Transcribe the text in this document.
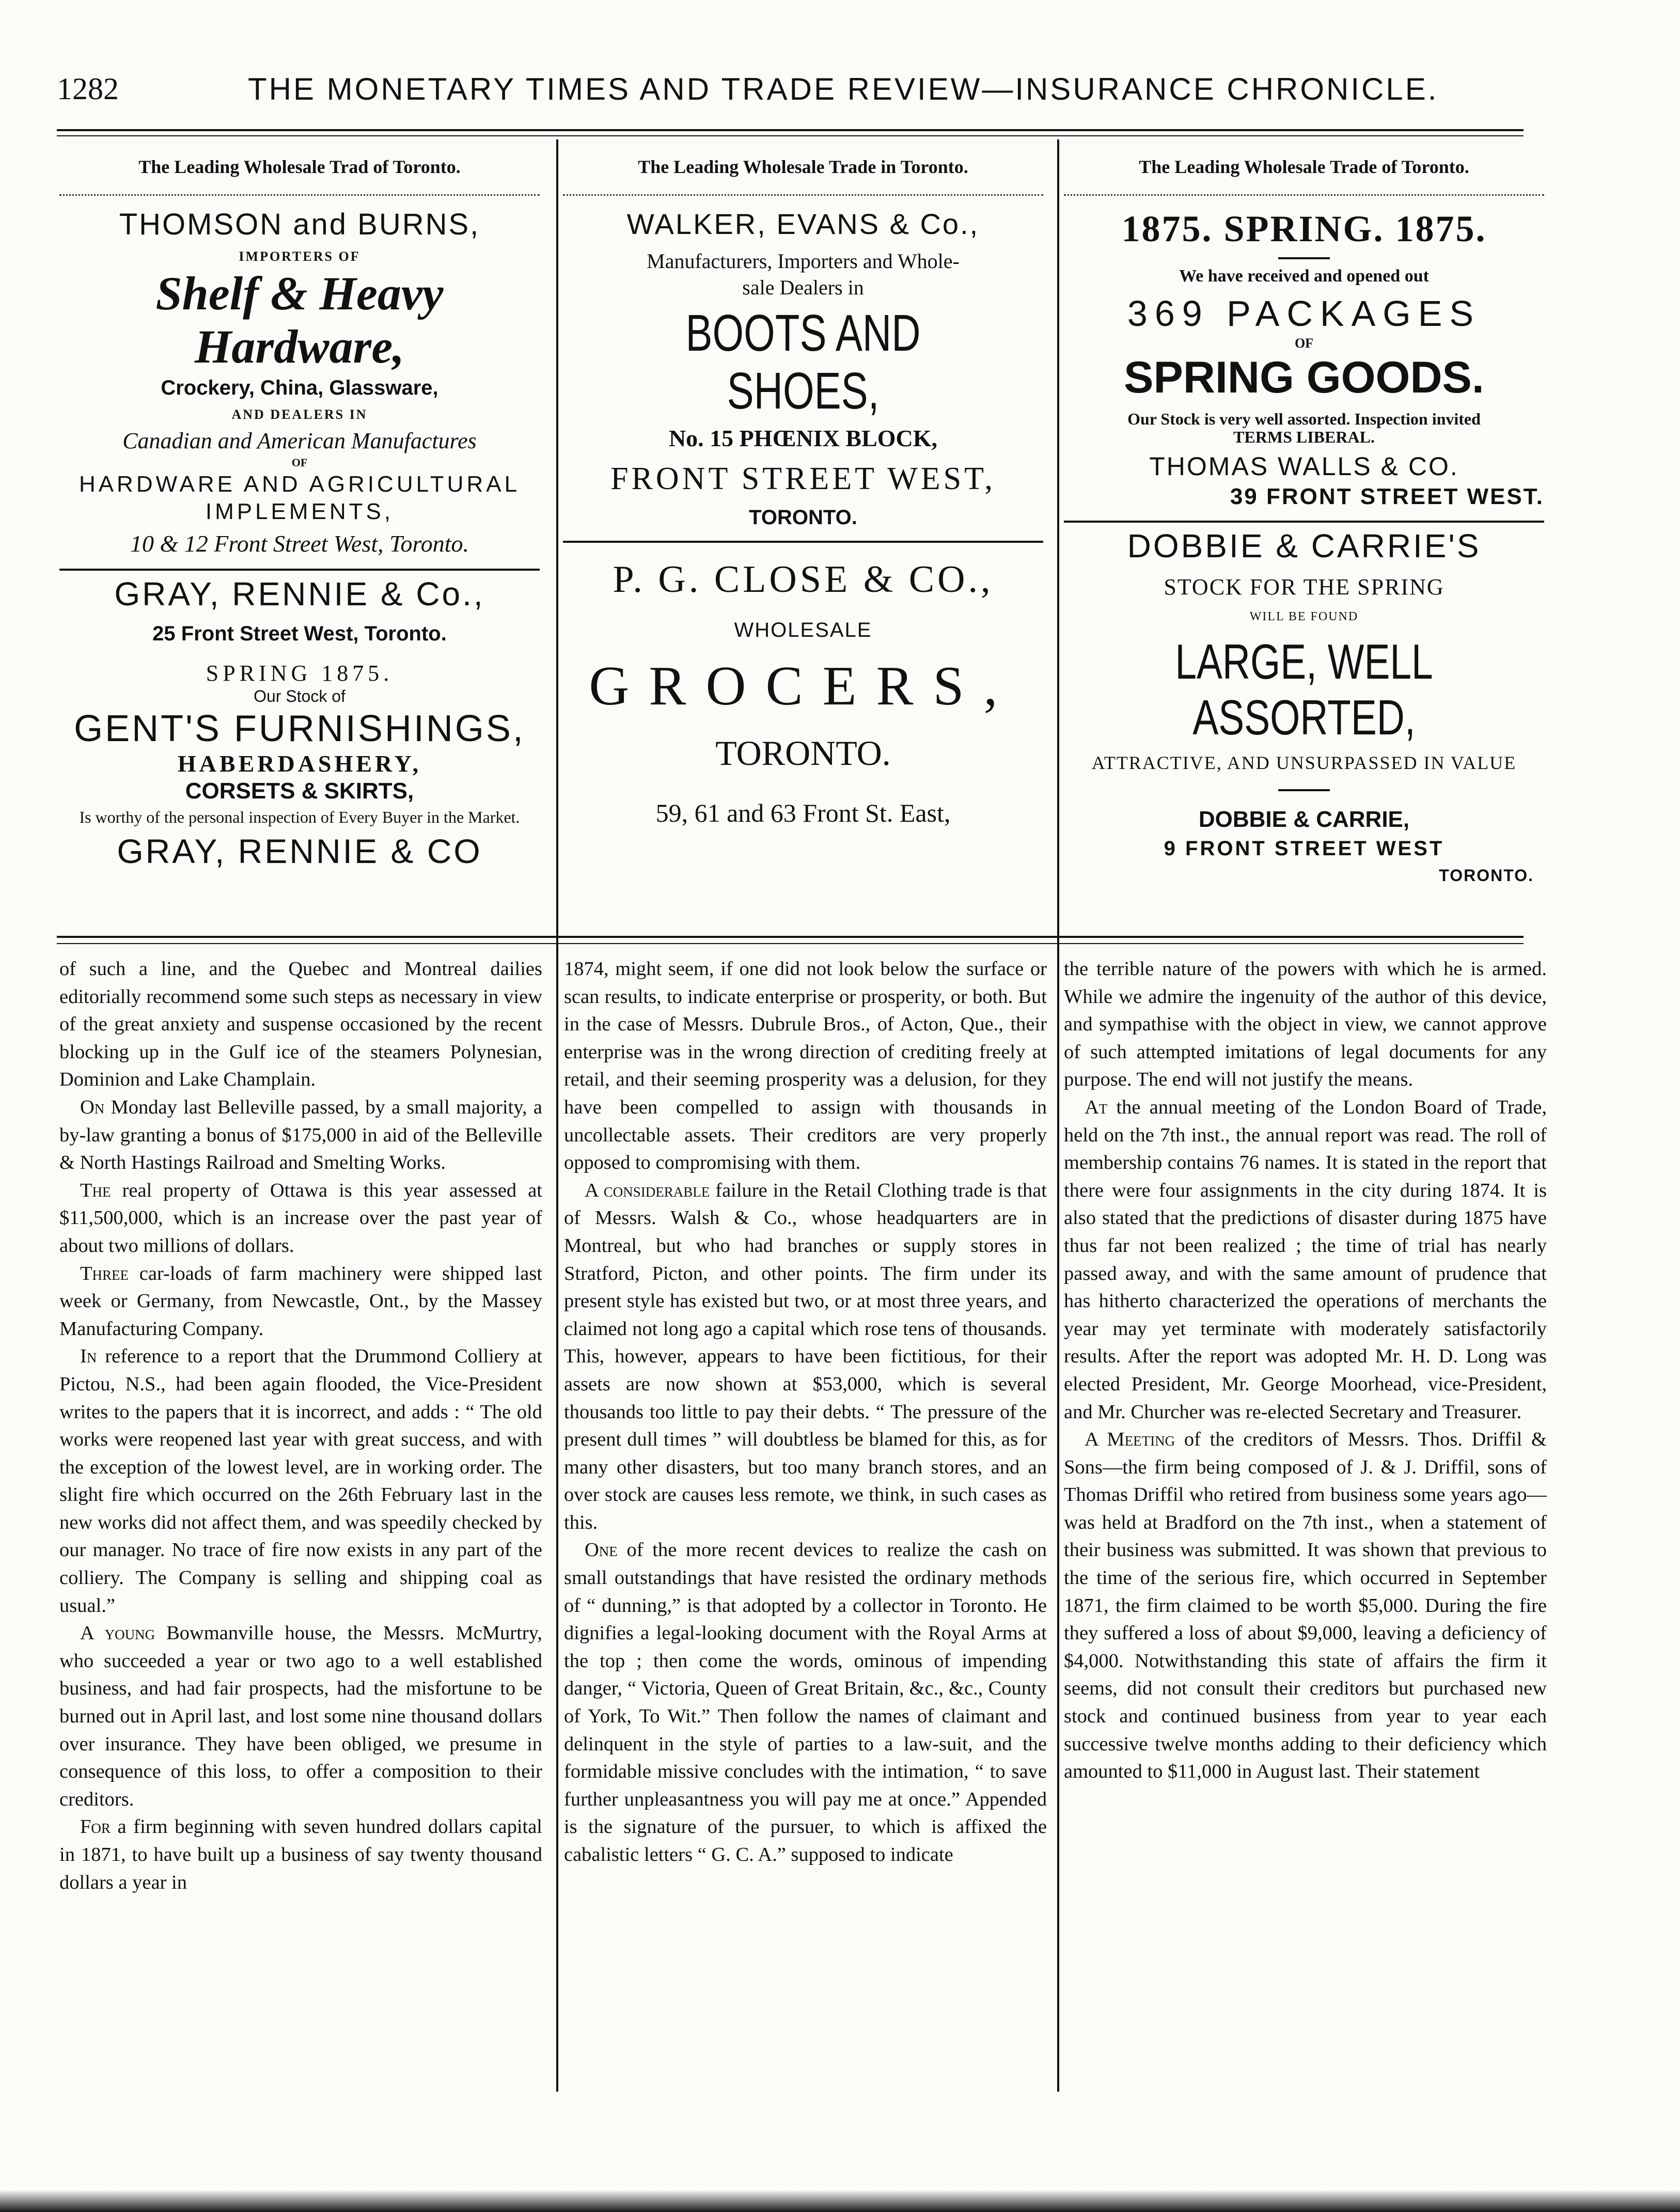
1282	THE MONETARY TIMES AND TRADE REVIEW—INSURANCE CHRONICLE.
The Leading Wholesale Trad of Toronto.
THOMSON and BURNS,
IMPORTERS OF
Shelf & Heavy Hardware,
Crockery, China, Glassware,
AND DEALERS IN
Canadian and American Manufactures
OF
HARDWARE AND AGRICULTURAL
IMPLEMENTS,
10 & 12 Front Street West, Toronto.
GRAY, RENNIE & Co.,
25 Front Street West, Toronto.
SPRING 1875.
Our Stock of
GENT'S FURNISHINGS,
HABERDASHERY,
CORSETS & SKIRTS,
Is worthy of the personal inspection of Every Buyer in the Market.
GRAY, RENNIE & CO
The Leading Wholesale Trade in Toronto.
WALKER, EVANS & Co.,
Manufacturers, Importers and Whole-
sale Dealers in
BOOTS AND SHOES,
No. 15 PHŒNIX BLOCK,
FRONT STREET WEST,
TORONTO.
P. G. CLOSE & CO.,
WHOLESALE
GROCERS,
TORONTO.
59, 61 and 63 Front St. East,
The Leading Wholesale Trade of Toronto.
1875. SPRING. 1875.
We have received and opened out
369 PACKAGES
OF
SPRING GOODS.
Our Stock is very well assorted. Inspection invited
TERMS LIBERAL.
THOMAS WALLS & CO.
39 FRONT STREET WEST.
DOBBIE & CARRIE'S
STOCK FOR THE SPRING
WILL BE FOUND
LARGE, WELL ASSORTED,
ATTRACTIVE, AND UNSURPASSED IN VALUE
DOBBIE & CARRIE,
9 FRONT STREET WEST
TORONTO.

of such a line, and the Quebec and Montreal dailies editorially recommend some such steps as necessary in view of the great anxiety and suspense occasioned by the recent blocking up in the Gulf ice of the steamers Polynesian, Dominion and Lake Champlain.

On Monday last Belleville passed, by a small majority, a by-law granting a bonus of $175,000 in aid of the Belleville & North Hastings Railroad and Smelting Works.

The real property of Ottawa is this year assessed at $11,500,000, which is an increase over the past year of about two millions of dollars.

Three car-loads of farm machinery were shipped last week or Germany, from Newcastle, Ont., by the Massey Manufacturing Company.

In reference to a report that the Drummond Colliery at Pictou, N.S., had been again flooded, the Vice-President writes to the papers that it is incorrect, and adds : “ The old works were reopened last year with great success, and with the exception of the lowest level, are in working order. The slight fire which occurred on the 26th February last in the new works did not affect them, and was speedily checked by our manager. No trace of fire now exists in any part of the colliery. The Company is selling and shipping coal as usual.”

A young Bowmanville house, the Messrs. McMurtry, who succeeded a year or two ago to a well established business, and had fair prospects, had the misfortune to be burned out in April last, and lost some nine thousand dollars over insurance. They have been obliged, we presume in consequence of this loss, to offer a composition to their creditors.

For a firm beginning with seven hundred dollars capital in 1871, to have built up a business of say twenty thousand dollars a year in

1874, might seem, if one did not look below the surface or scan results, to indicate enterprise or prosperity, or both. But in the case of Messrs. Dubrule Bros., of Acton, Que., their enterprise was in the wrong direction of crediting freely at retail, and their seeming prosperity was a delusion, for they have been compelled to assign with thousands in uncollectable assets. Their creditors are very properly opposed to compromising with them.

A considerable failure in the Retail Clothing trade is that of Messrs. Walsh & Co., whose headquarters are in Montreal, but who had branches or supply stores in Stratford, Picton, and other points. The firm under its present style has existed but two, or at most three years, and claimed not long ago a capital which rose tens of thousands. This, however, appears to have been fictitious, for their assets are now shown at $53,000, which is several thousands too little to pay their debts. “ The pressure of the present dull times ” will doubtless be blamed for this, as for many other disasters, but too many branch stores, and an over stock are causes less remote, we think, in such cases as this.

One of the more recent devices to realize the cash on small outstandings that have resisted the ordinary methods of “ dunning,” is that adopted by a collector in Toronto. He dignifies a legal-looking document with the Royal Arms at the top ; then come the words, ominous of impending danger, “ Victoria, Queen of Great Britain, &c., &c., County of York, To Wit.” Then follow the names of claimant and delinquent in the style of parties to a law-suit, and the formidable missive concludes with the intimation, “ to save further unpleasantness you will pay me at once.” Appended is the signature of the pursuer, to which is affixed the cabalistic letters “ G. C. A.” supposed to indicate

the terrible nature of the powers with which he is armed. While we admire the ingenuity of the author of this device, and sympathise with the object in view, we cannot approve of such attempted imitations of legal documents for any purpose. The end will not justify the means.

At the annual meeting of the London Board of Trade, held on the 7th inst., the annual report was read. The roll of membership contains 76 names. It is stated in the report that there were four assignments in the city during 1874. It is also stated that the predictions of disaster during 1875 have thus far not been realized ; the time of trial has nearly passed away, and with the same amount of prudence that has hitherto characterized the operations of merchants the year may yet terminate with moderately satisfactorily results. After the report was adopted Mr. H. D. Long was elected President, Mr. George Moorhead, vice-President, and Mr. Churcher was re-elected Secretary and Treasurer.

A Meeting of the creditors of Messrs. Thos. Driffil & Sons—the firm being composed of J. & J. Driffil, sons of Thomas Driffil who retired from business some years ago—was held at Bradford on the 7th inst., when a statement of their business was submitted. It was shown that previous to the time of the serious fire, which occurred in September 1871, the firm claimed to be worth $5,000. During the fire they suffered a loss of about $9,000, leaving a deficiency of $4,000. Notwithstanding this state of affairs the firm it seems, did not consult their creditors but purchased new stock and continued business from year to year each successive twelve months adding to their deficiency which amounted to $11,000 in August last. Their statement
